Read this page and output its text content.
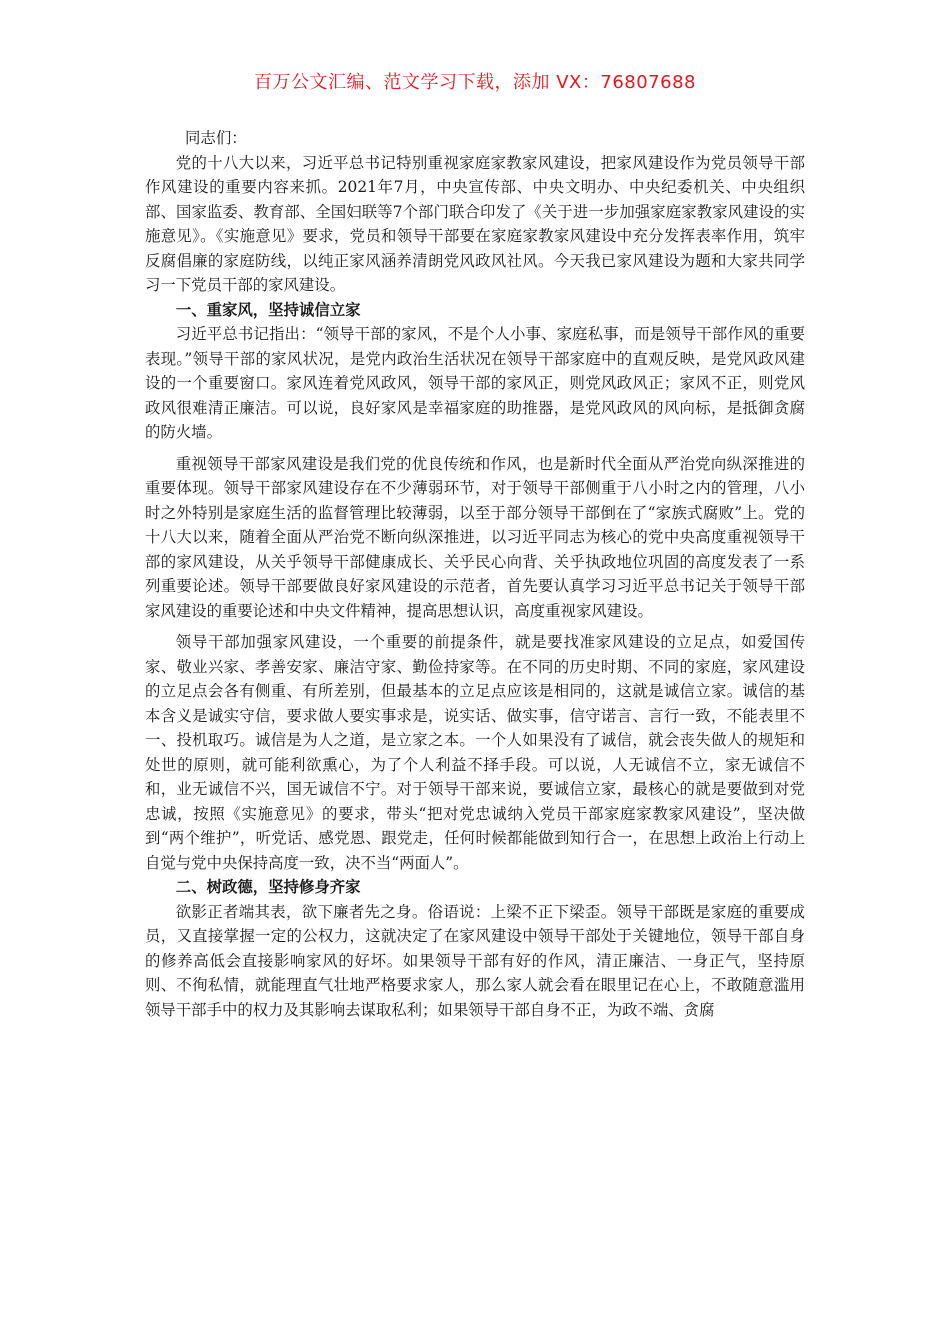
百万公文汇编、范文学习下载，添加 VX：76807688

同志们：

党的十八大以来，习近平总书记特别重视家庭家教家风建设，把家风建设作为党员领导干部作风建设的重要内容来抓。2021年7月，中央宣传部、中央文明办、中央纪委机关、中央组织部、国家监委、教育部、全国妇联等7个部门联合印发了《关于进一步加强家庭家教家风建设的实施意见》。《实施意见》要求，党员和领导干部要在家庭家教家风建设中充分发挥表率作用，筑牢反腐倡廉的家庭防线，以纯正家风涵养清朗党风政风社风。今天我已家风建设为题和大家共同学习一下党员干部的家风建设。

一、重家风，坚持诚信立家

习近平总书记指出：“领导干部的家风，不是个人小事、家庭私事，而是领导干部作风的重要表现。”领导干部的家风状况，是党内政治生活状况在领导干部家庭中的直观反映，是党风政风建设的一个重要窗口。家风连着党风政风，领导干部的家风正，则党风政风正；家风不正，则党风政风很难清正廉洁。可以说，良好家风是幸福家庭的助推器，是党风政风的风向标，是抵御贪腐的防火墙。

重视领导干部家风建设是我们党的优良传统和作风，也是新时代全面从严治党向纵深推进的重要体现。领导干部家风建设存在不少薄弱环节，对于领导干部侧重于八小时之内的管理，八小时之外特别是家庭生活的监督管理比较薄弱，以至于部分领导干部倒在了“家族式腐败”上。党的十八大以来，随着全面从严治党不断向纵深推进，以习近平同志为核心的党中央高度重视领导干部的家风建设，从关乎领导干部健康成长、关乎民心向背、关乎执政地位巩固的高度发表了一系列重要论述。领导干部要做良好家风建设的示范者，首先要认真学习习近平总书记关于领导干部家风建设的重要论述和中央文件精神，提高思想认识，高度重视家风建设。

领导干部加强家风建设，一个重要的前提条件，就是要找准家风建设的立足点，如爱国传家、敬业兴家、孝善安家、廉洁守家、勤俭持家等。在不同的历史时期、不同的家庭，家风建设的立足点会各有侧重、有所差别，但最基本的立足点应该是相同的，这就是诚信立家。诚信的基本含义是诚实守信，要求做人要实事求是，说实话、做实事，信守诺言、言行一致，不能表里不一、投机取巧。诚信是为人之道，是立家之本。一个人如果没有了诚信，就会丧失做人的规矩和处世的原则，就可能利欲熏心，为了个人利益不择手段。可以说，人无诚信不立，家无诚信不和，业无诚信不兴，国无诚信不宁。对于领导干部来说，要诚信立家，最核心的就是要做到对党忠诚，按照《实施意见》的要求，带头“把对党忠诚纳入党员干部家庭家教家风建设”，坚决做到“两个维护”，听党话、感党恩、跟党走，任何时候都能做到知行合一，在思想上政治上行动上自觉与党中央保持高度一致，决不当“两面人”。

二、树政德，坚持修身齐家

欲影正者端其表，欲下廉者先之身。俗语说：上梁不正下梁歪。领导干部既是家庭的重要成员，又直接掌握一定的公权力，这就决定了在家风建设中领导干部处于关键地位，领导干部自身的修养高低会直接影响家风的好坏。如果领导干部有好的作风，清正廉洁、一身正气，坚持原则、不徇私情，就能理直气壮地严格要求家人，那么家人就会看在眼里记在心上，不敢随意滥用领导干部手中的权力及其影响去谋取私利；如果领导干部自身不正，为政不端、贪腐
